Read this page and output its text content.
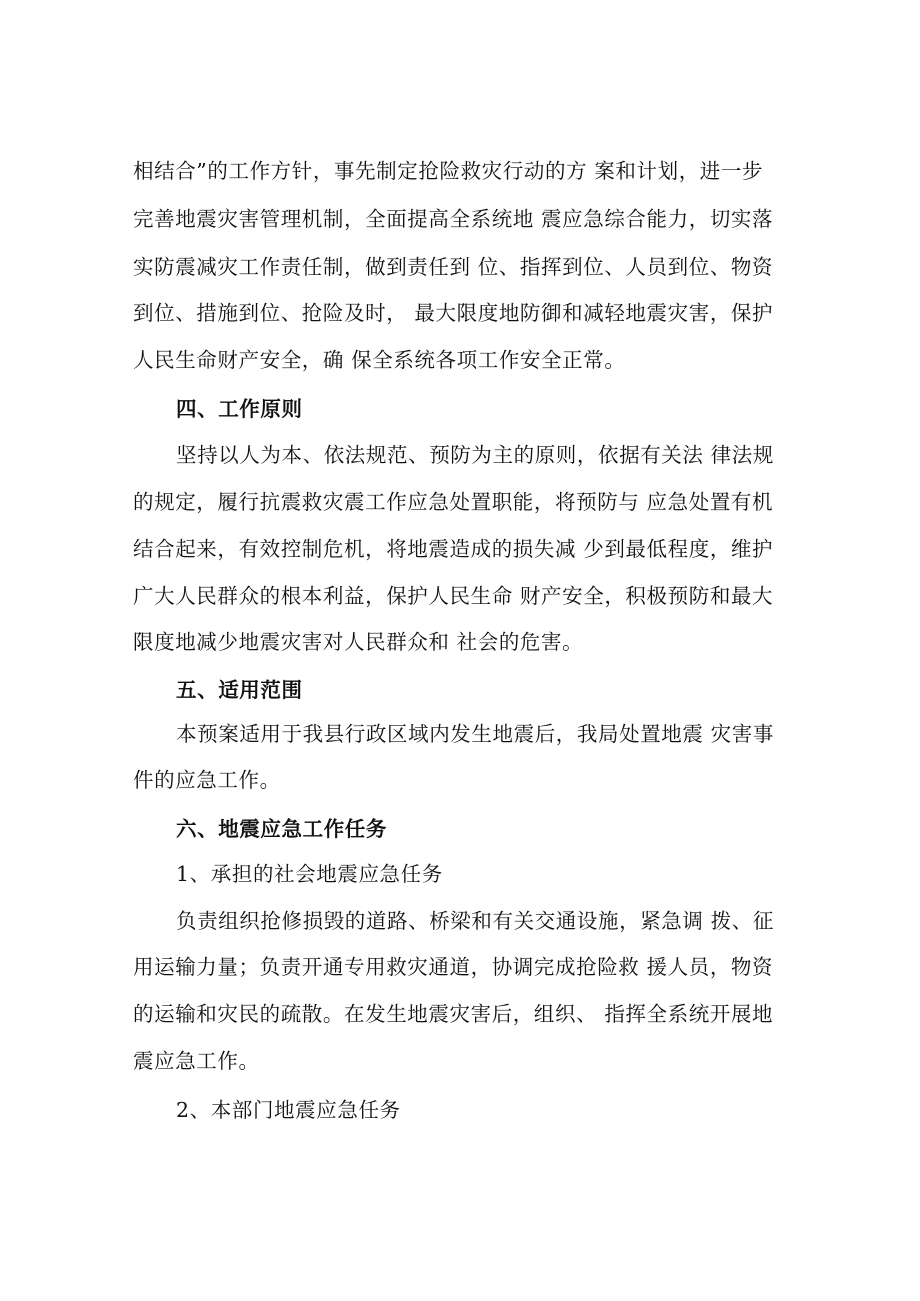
相结合”的工作方针，事先制定抢险救灾行动的方 案和计划，进一步
完善地震灾害管理机制，全面提高全系统地 震应急综合能力，切实落
实防震减灾工作责任制，做到责任到 位、指挥到位、人员到位、物资
到位、措施到位、抢险及时， 最大限度地防御和减轻地震灾害，保护
人民生命财产安全，确 保全系统各项工作安全正常。
四、工作原则
坚持以人为本、依法规范、预防为主的原则，依据有关法 律法规
的规定，履行抗震救灾震工作应急处置职能，将预防与 应急处置有机
结合起来，有效控制危机，将地震造成的损失减 少到最低程度，维护
广大人民群众的根本利益，保护人民生命 财产安全，积极预防和最大
限度地减少地震灾害对人民群众和 社会的危害。
五、适用范围
本预案适用于我县行政区域内发生地震后，我局处置地震 灾害事
件的应急工作。
六、地震应急工作任务
1、承担的社会地震应急任务
负责组织抢修损毁的道路、桥梁和有关交通设施，紧急调 拨、征
用运输力量；负责开通专用救灾通道，协调完成抢险救 援人员，物资
的运输和灾民的疏散。在发生地震灾害后，组织、 指挥全系统开展地
震应急工作。
2、本部门地震应急任务
